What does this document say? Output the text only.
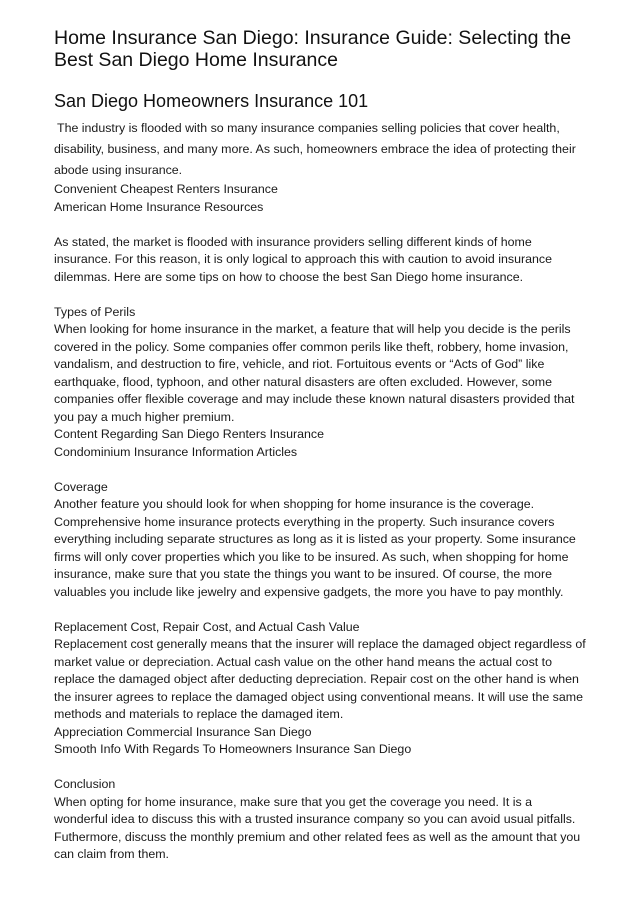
Home Insurance San Diego: Insurance Guide: Selecting the
Best San Diego Home Insurance
San Diego Homeowners Insurance 101

The industry is flooded with so many insurance companies selling policies that cover health, disability, business, and many more. As such, homeowners embrace the idea of protecting their abode using insurance.

Convenient Cheapest Renters Insurance
American Home Insurance Resources

As stated, the market is flooded with insurance providers selling different kinds of home insurance. For this reason, it is only logical to approach this with caution to avoid insurance dilemmas. Here are some tips on how to choose the best San Diego home insurance.

Types of Perils

When looking for home insurance in the market, a feature that will help you decide is the perils covered in the policy. Some companies offer common perils like theft, robbery, home invasion, vandalism, and destruction to fire, vehicle, and riot. Fortuitous events or “Acts of God” like earthquake, flood, typhoon, and other natural disasters are often excluded. However, some companies offer flexible coverage and may include these known natural disasters provided that you pay a much higher premium.

Content Regarding San Diego Renters Insurance
Condominium Insurance Information Articles

Coverage

Another feature you should look for when shopping for home insurance is the coverage. Comprehensive home insurance protects everything in the property. Such insurance covers everything including separate structures as long as it is listed as your property. Some insurance firms will only cover properties which you like to be insured. As such, when shopping for home insurance, make sure that you state the things you want to be insured. Of course, the more valuables you include like jewelry and expensive gadgets, the more you have to pay monthly.

Replacement Cost, Repair Cost, and Actual Cash Value

Replacement cost generally means that the insurer will replace the damaged object regardless of market value or depreciation. Actual cash value on the other hand means the actual cost to replace the damaged object after deducting depreciation. Repair cost on the other hand is when the insurer agrees to replace the damaged object using conventional means. It will use the same methods and materials to replace the damaged item.

Appreciation Commercial Insurance San Diego
Smooth Info With Regards To Homeowners Insurance San Diego

Conclusion

When opting for home insurance, make sure that you get the coverage you need. It is a wonderful idea to discuss this with a trusted insurance company so you can avoid usual pitfalls. Futhermore, discuss the monthly premium and other related fees as well as the amount that you can claim from them.
